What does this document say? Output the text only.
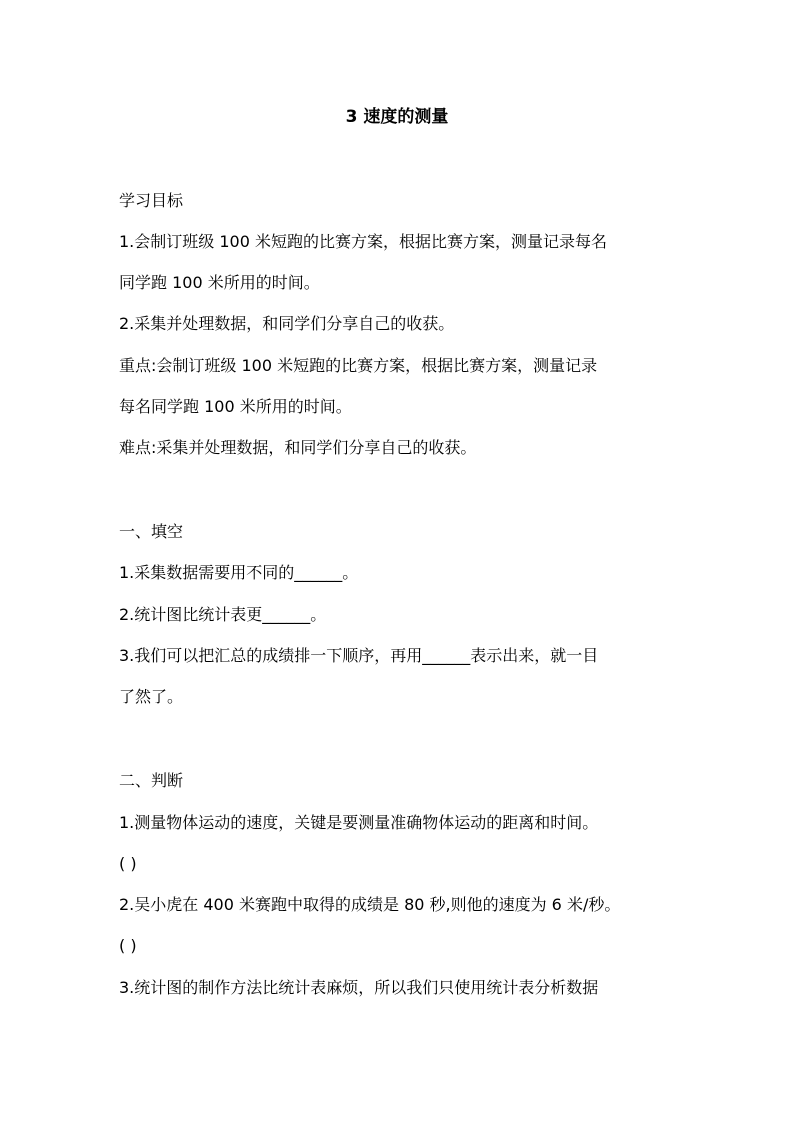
3 速度的测量
学习目标
1.会制订班级 100 米短跑的比赛方案，根据比赛方案，测量记录每名
同学跑 100 米所用的时间。
2.采集并处理数据，和同学们分享自己的收获。
重点:会制订班级 100 米短跑的比赛方案，根据比赛方案，测量记录
每名同学跑 100 米所用的时间。
难点:采集并处理数据，和同学们分享自己的收获。
一、填空
1.采集数据需要用不同的______。
2.统计图比统计表更______。
3.我们可以把汇总的成绩排一下顺序，再用______表示出来，就一目
了然了。
二、判断
1.测量物体运动的速度，关键是要测量准确物体运动的距离和时间。
( )
2.吴小虎在 400 米赛跑中取得的成绩是 80 秒,则他的速度为 6 米/秒。
( )
3.统计图的制作方法比统计表麻烦，所以我们只使用统计表分析数据
